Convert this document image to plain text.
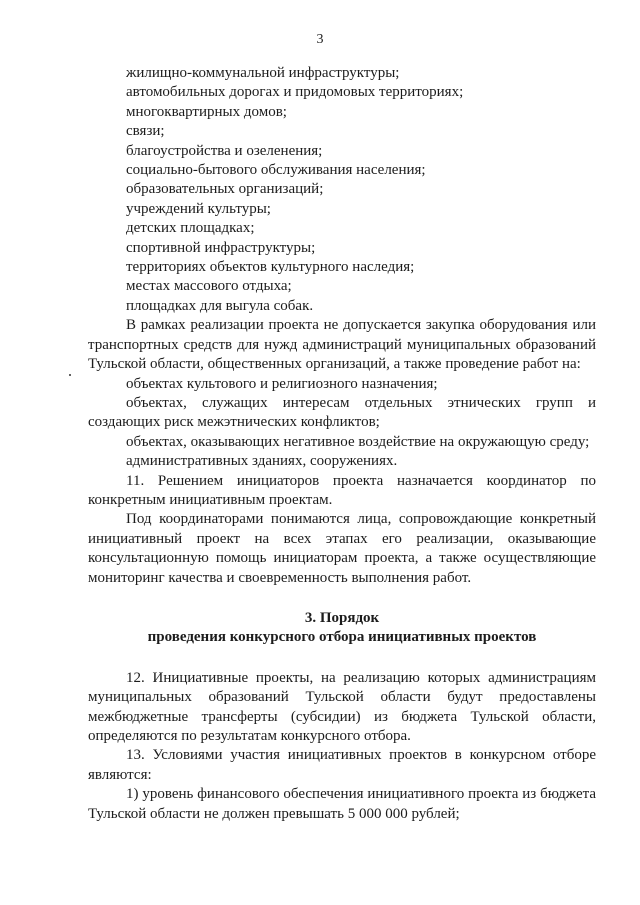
3
жилищно-коммунальной инфраструктуры;
автомобильных дорогах и придомовых территориях;
многоквартирных домов;
связи;
благоустройства и озеленения;
социально-бытового обслуживания населения;
образовательных организаций;
учреждений культуры;
детских площадках;
спортивной инфраструктуры;
территориях объектов культурного наследия;
местах массового отдыха;
площадках для выгула собак.

В рамках реализации проекта не допускается закупка оборудования или транспортных средств для нужд администраций муниципальных образований Тульской области, общественных организаций, а также проведение работ на:

объектах культового и религиозного назначения;

объектах, служащих интересам отдельных этнических групп и создающих риск межэтнических конфликтов;

объектах, оказывающих негативное воздействие на окружающую среду;

административных зданиях, сооружениях.

11. Решением инициаторов проекта назначается координатор по конкретным инициативным проектам.

Под координаторами понимаются лица, сопровождающие конкретный инициативный проект на всех этапах его реализации, оказывающие консультационную помощь инициаторам проекта, а также осуществляющие мониторинг качества и своевременность выполнения работ.

3. Порядок

проведения конкурсного отбора инициативных проектов

12. Инициативные проекты, на реализацию которых администрациям муниципальных образований Тульской области будут предоставлены межбюджетные трансферты (субсидии) из бюджета Тульской области, определяются по результатам конкурсного отбора.

13. Условиями участия инициативных проектов в конкурсном отборе являются:

1) уровень финансового обеспечения инициативного проекта из бюджета Тульской области не должен превышать 5 000 000 рублей;
